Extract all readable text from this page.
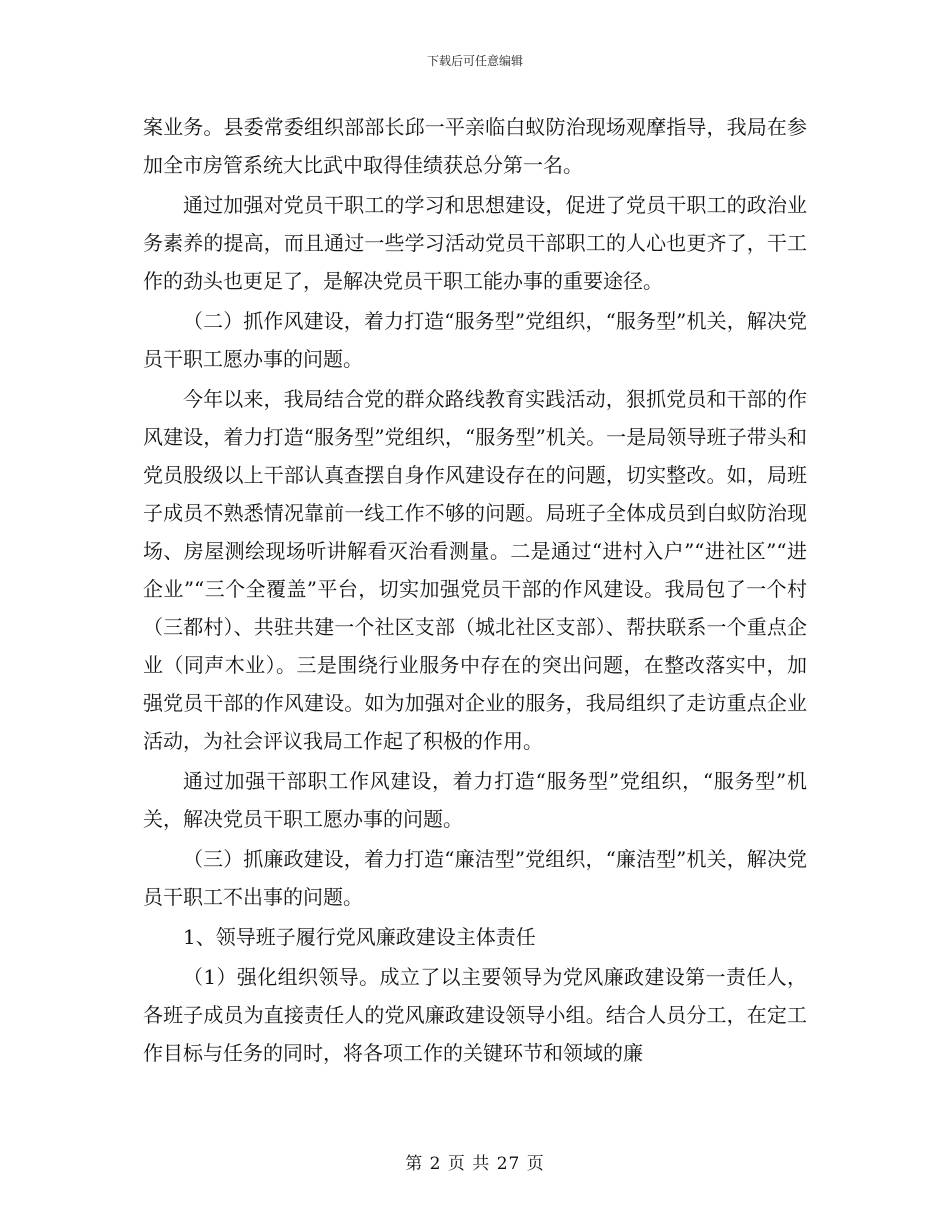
下载后可任意编辑

案业务。县委常委组织部部长邱一平亲临白蚁防治现场观摩指导，我局在参加全市房管系统大比武中取得佳绩获总分第一名。

通过加强对党员干职工的学习和思想建设，促进了党员干职工的政治业务素养的提高，而且通过一些学习活动党员干部职工的人心也更齐了，干工作的劲头也更足了，是解决党员干职工能办事的重要途径。

（二）抓作风建设，着力打造“服务型”党组织，“服务型”机关，解决党员干职工愿办事的问题。

今年以来，我局结合党的群众路线教育实践活动，狠抓党员和干部的作风建设，着力打造“服务型”党组织，“服务型”机关。一是局领导班子带头和党员股级以上干部认真查摆自身作风建设存在的问题，切实整改。如，局班子成员不熟悉情况靠前一线工作不够的问题。局班子全体成员到白蚁防治现场、房屋测绘现场听讲解看灭治看测量。二是通过“进村入户”“进社区”“进企业”“三个全覆盖”平台，切实加强党员干部的作风建设。我局包了一个村（三都村）、共驻共建一个社区支部（城北社区支部）、帮扶联系一个重点企业（同声木业）。三是围绕行业服务中存在的突出问题，在整改落实中，加强党员干部的作风建设。如为加强对企业的服务，我局组织了走访重点企业活动，为社会评议我局工作起了积极的作用。

通过加强干部职工作风建设，着力打造“服务型”党组织，“服务型”机关，解决党员干职工愿办事的问题。

（三）抓廉政建设，着力打造“廉洁型”党组织，“廉洁型”机关，解决党员干职工不出事的问题。

1、领导班子履行党风廉政建设主体责任

（1）强化组织领导。成立了以主要领导为党风廉政建设第一责任人，各班子成员为直接责任人的党风廉政建设领导小组。结合人员分工，在定工作目标与任务的同时，将各项工作的关键环节和领域的廉

第 2 页 共 27 页
